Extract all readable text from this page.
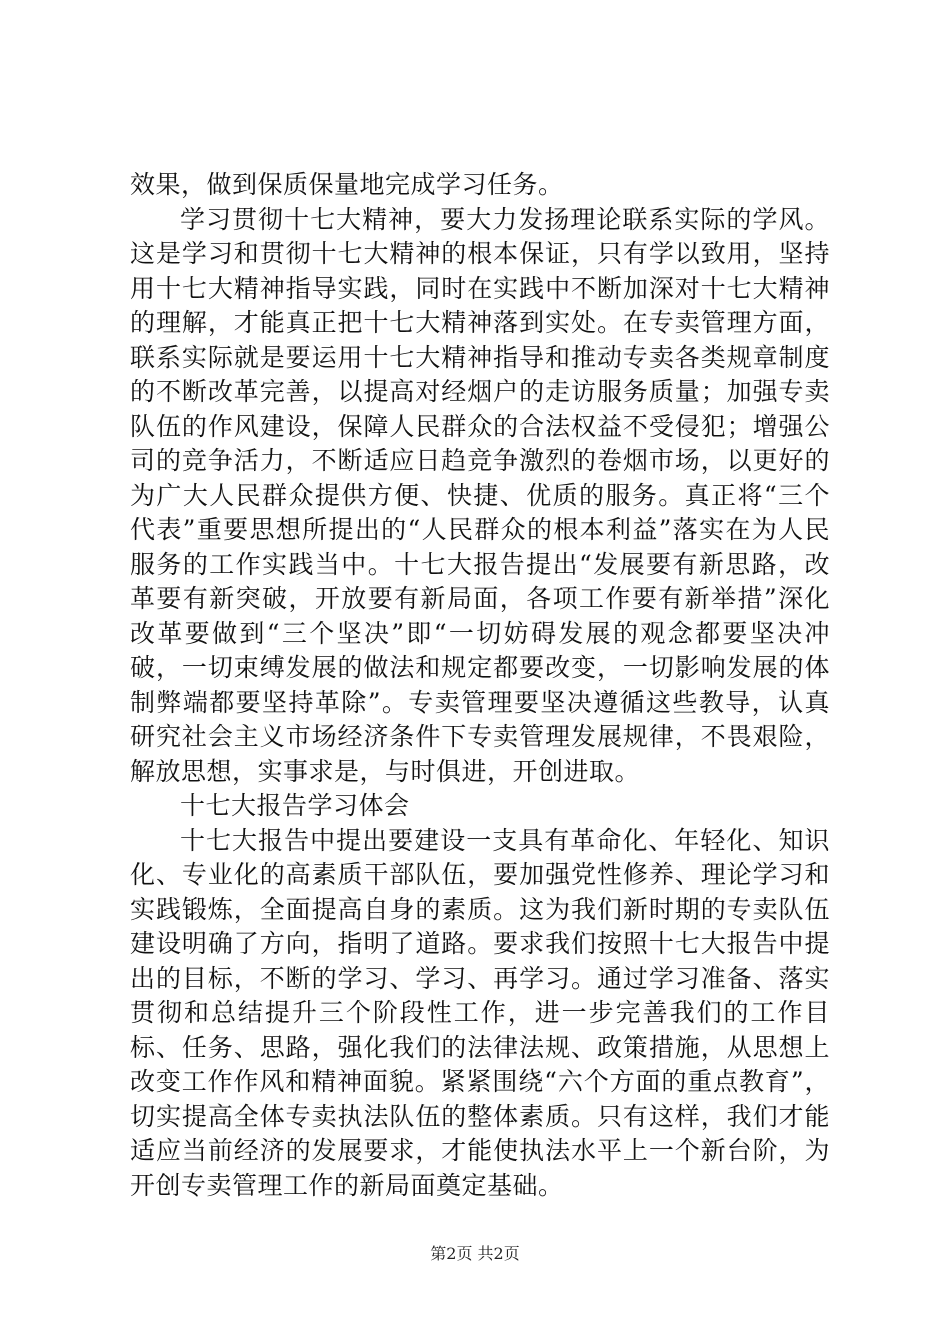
效果，做到保质保量地完成学习任务。

学习贯彻十七大精神，要大力发扬理论联系实际的学风。这是学习和贯彻十七大精神的根本保证，只有学以致用，坚持用十七大精神指导实践，同时在实践中不断加深对十七大精神的理解，才能真正把十七大精神落到实处。在专卖管理方面，联系实际就是要运用十七大精神指导和推动专卖各类规章制度的不断改革完善，以提高对经烟户的走访服务质量；加强专卖队伍的作风建设，保障人民群众的合法权益不受侵犯；增强公司的竞争活力，不断适应日趋竞争激烈的卷烟市场，以更好的为广大人民群众提供方便、快捷、优质的服务。真正将“三个代表”重要思想所提出的“人民群众的根本利益”落实在为人民服务的工作实践当中。十七大报告提出“发展要有新思路，改革要有新突破，开放要有新局面，各项工作要有新举措”深化改革要做到“三个坚决”即“一切妨碍发展的观念都要坚决冲破，一切束缚发展的做法和规定都要改变，一切影响发展的体制弊端都要坚持革除”。专卖管理要坚决遵循这些教导，认真研究社会主义市场经济条件下专卖管理发展规律，不畏艰险，解放思想，实事求是，与时俱进，开创进取。

十七大报告学习体会

十七大报告中提出要建设一支具有革命化、年轻化、知识化、专业化的高素质干部队伍，要加强党性修养、理论学习和实践锻炼，全面提高自身的素质。这为我们新时期的专卖队伍建设明确了方向，指明了道路。要求我们按照十七大报告中提出的目标，不断的学习、学习、再学习。通过学习准备、落实贯彻和总结提升三个阶段性工作，进一步完善我们的工作目标、任务、思路，强化我们的法律法规、政策措施，从思想上改变工作作风和精神面貌。紧紧围绕“六个方面的重点教育”，切实提高全体专卖执法队伍的整体素质。只有这样，我们才能适应当前经济的发展要求，才能使执法水平上一个新台阶，为开创专卖管理工作的新局面奠定基础。

第2页 共2页
